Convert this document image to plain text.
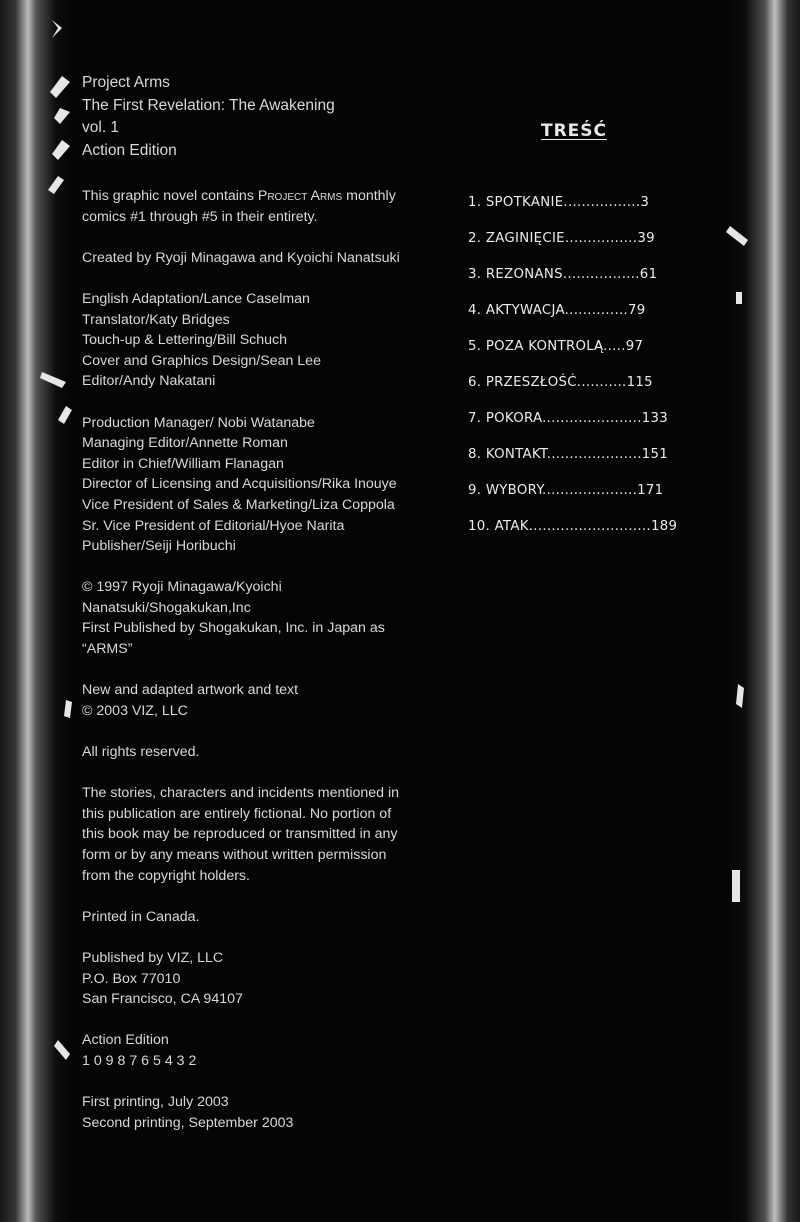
Project Arms
The First Revelation: The Awakening
vol. 1
Action Edition
This graphic novel contains Project Arms monthly
comics #1 through #5 in their entirety.
Created by Ryoji Minagawa and Kyoichi Nanatsuki
English Adaptation/Lance Caselman
Translator/Katy Bridges
Touch-up & Lettering/Bill Schuch
Cover and Graphics Design/Sean Lee
Editor/Andy Nakatani
Production Manager/ Nobi Watanabe
Managing Editor/Annette Roman
Editor in Chief/William Flanagan
Director of Licensing and Acquisitions/Rika Inouye
Vice President of Sales & Marketing/Liza Coppola
Sr. Vice President of Editorial/Hyoe Narita
Publisher/Seiji Horibuchi
© 1997 Ryoji Minagawa/Kyoichi
Nanatsuki/Shogakukan,Inc
First Published by Shogakukan, Inc. in Japan as
“ARMS”
New and adapted artwork and text
© 2003 VIZ, LLC
All rights reserved.
The stories, characters and incidents mentioned in
this publication are entirely fictional. No portion of
this book may be reproduced or transmitted in any
form or by any means without written permission
from the copyright holders.
Printed in Canada.
Published by VIZ, LLC
P.O. Box 77010
San Francisco, CA 94107
Action Edition
1 0 9 8 7 6 5 4 3 2
First printing, July 2003
Second printing, September 2003
TREŚĆ
1. SPOTKANIE.................3
2. ZAGINIĘCIE................39
3. REZONANS.................61
4. AKTYWACJA..............79
5. POZA KONTROLĄ.....97
6. PRZESZŁOŚĆ...........115
7. POKORA......................133
8. KONTAKT.....................151
9. WYBORY.....................171
10. ATAK...........................189
